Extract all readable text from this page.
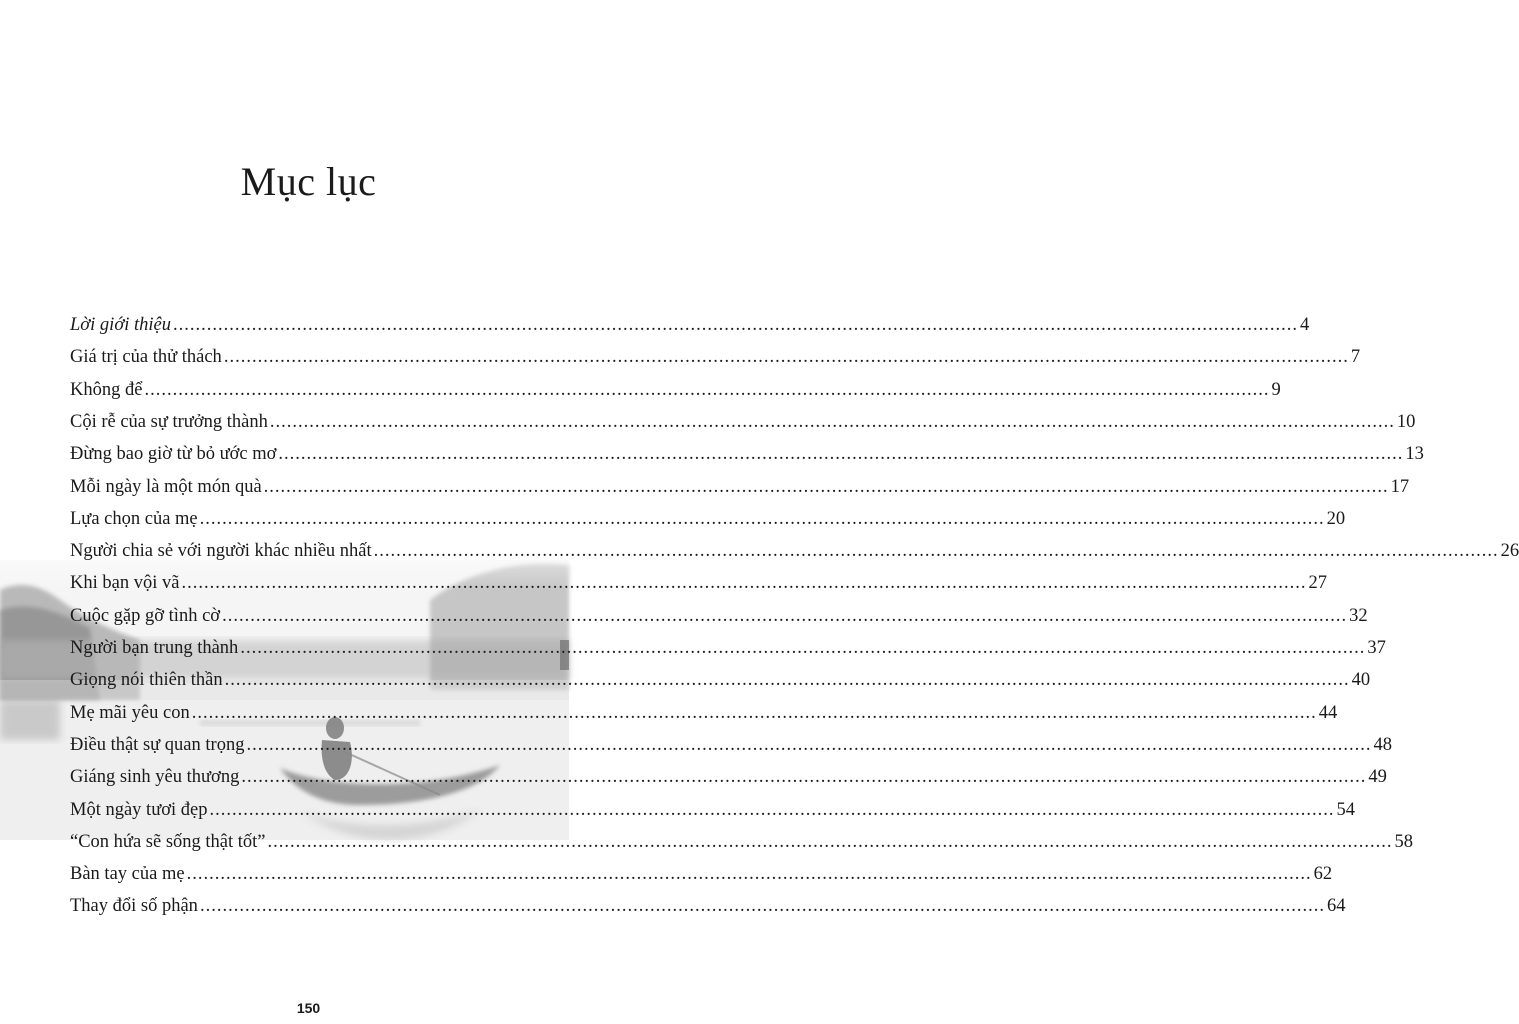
Mục lục
Lời giới thiệu ........................................................................................................................................................................................................ 4
Giá trị của thử thách ........................................................................................................................................................................................................ 7
Không để ........................................................................................................................................................................................................ 9
Cội rễ của sự trưởng thành ........................................................................................................................................................................................................ 10
Đừng bao giờ từ bỏ ước mơ ........................................................................................................................................................................................................ 13
Mỗi ngày là một món quà ........................................................................................................................................................................................................ 17
Lựa chọn của mẹ ........................................................................................................................................................................................................ 20
Người chia sẻ với người khác nhiều nhất ........................................................................................................................................................................................................ 26
Khi bạn vội vã ........................................................................................................................................................................................................ 27
Cuộc gặp gỡ tình cờ ........................................................................................................................................................................................................ 32
Người bạn trung thành ........................................................................................................................................................................................................ 37
Giọng nói thiên thần ........................................................................................................................................................................................................ 40
Mẹ mãi yêu con ........................................................................................................................................................................................................ 44
Điều thật sự quan trọng ........................................................................................................................................................................................................ 48
Giáng sinh yêu thương ........................................................................................................................................................................................................ 49
Một ngày tươi đẹp ........................................................................................................................................................................................................ 54
“Con hứa sẽ sống thật tốt” ........................................................................................................................................................................................................ 58
Bàn tay của mẹ ........................................................................................................................................................................................................ 62
Thay đổi số phận ........................................................................................................................................................................................................ 64
150
